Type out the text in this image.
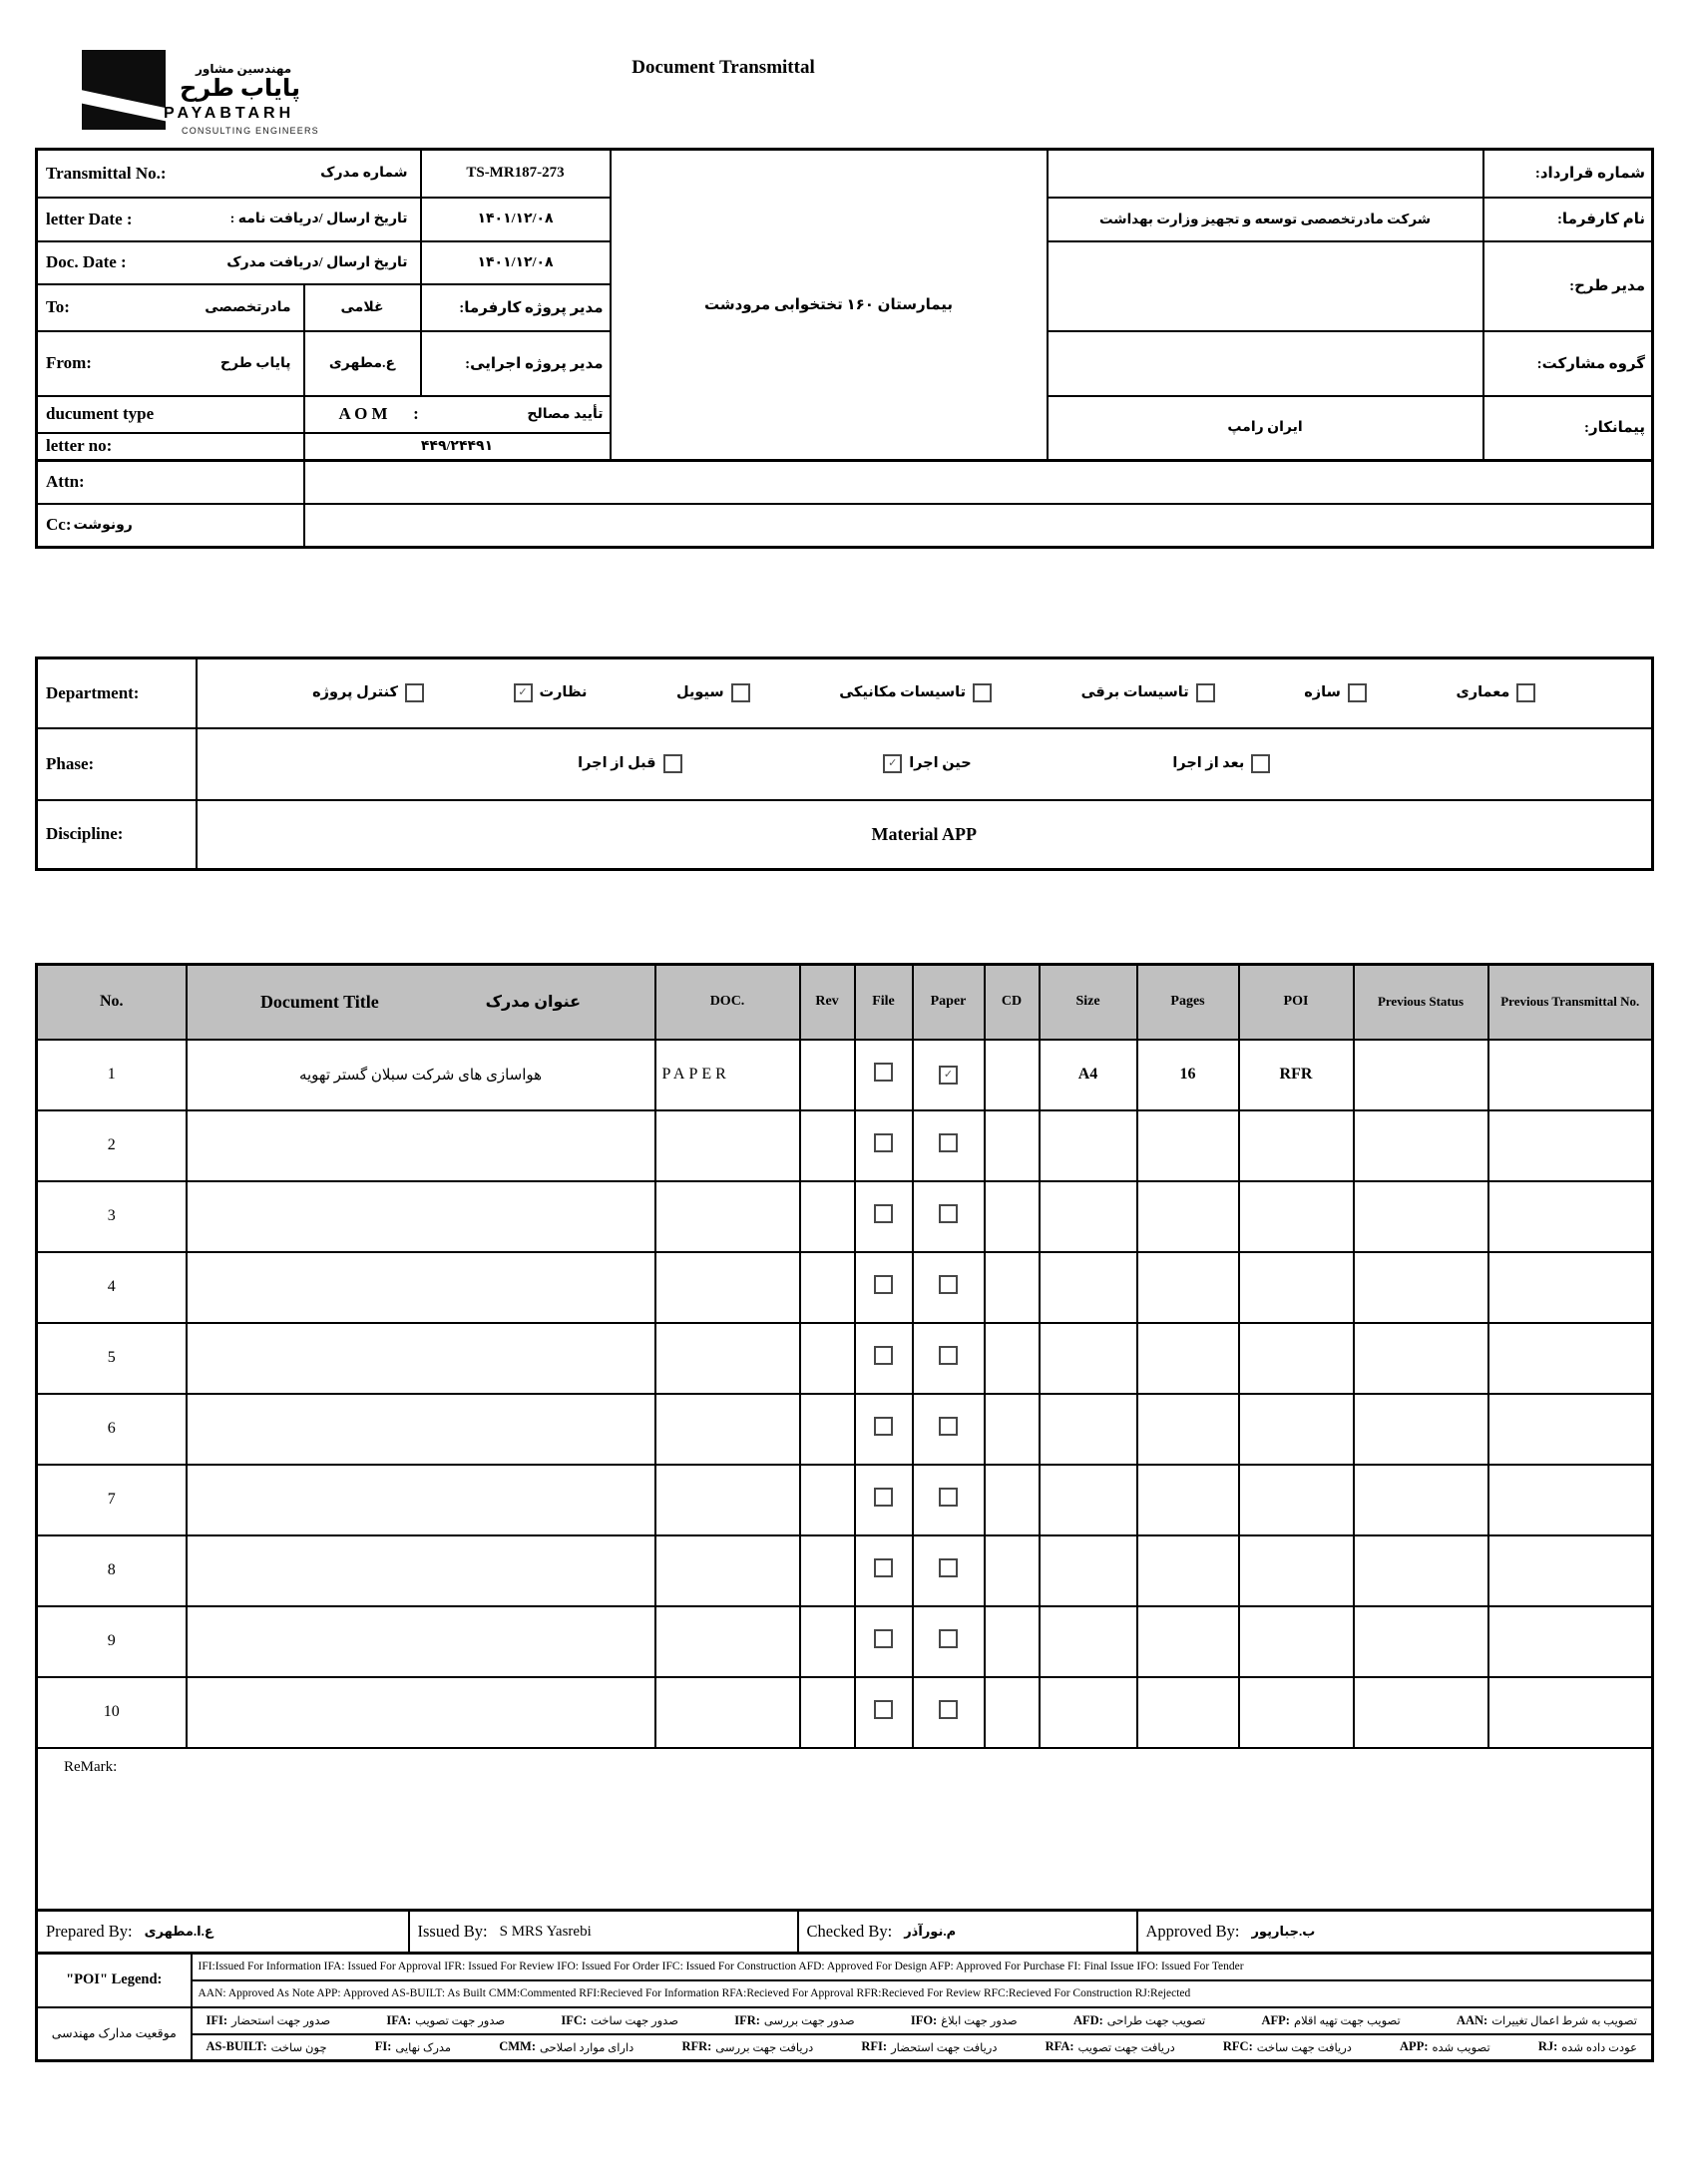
مهندسین مشاور
پایاب طرح
PAYABTARH
CONSULTING ENGINEERS
Document Transmittal
Transmittal No.: شماره مدرک		TS-MR187-273	بیمارستان ۱۶۰ تختخوابی مرودشت		شماره قرارداد:

letter Date : تاریخ ارسال /دریافت نامه :		۱۴۰۱/۱۲/۰۸		شرکت مادرتخصصی توسعه و تجهیز وزارت بهداشت	نام کارفرما:

Doc. Date : تاریخ ارسال /دریافت مدرک		۱۴۰۱/۱۲/۰۸			مدیر طرح:

To: مادرتخصصی	غلامی	مدیر پروژه کارفرما:			

From: پایاب طرح	ع.مطهری	مدیر پروژه اجرایی:			گروه مشارکت:

ducument type	A O M      : تأیید مصالح			ایران رامپ	پیمانکار:

letter no:	۴۴۹/۲۴۴۹۱				

Attn:					

Cc: رونوشت					

Department:	کنترل پروژه	✓ نظارت	سیویل	تاسیسات مکانیکی	تاسیسات برقی	سازه	معماری

Phase:	قبل از اجرا ✓ حین اجرا بعد از اجرا

Discipline:	Material APP
No.	Document Title عنوان مدرک	DOC.	Rev	File	Paper	CD	Size	Pages	POI	Previous Status	Previous Transmittal No.
1	هواسازی های شرکت سبلان گستر تهویه	PAPER			✓		A4	16	RFR		
2											
3											
4											
5											
6											
7											
8											
9											
10											
ReMark:											
Prepared By: ع.ا.مطهری	Issued By: S MRS Yasrebi	Checked By: م.نورآذر	Approved By: ب.جبارپور
"POI" Legend:	IFI:Issued For Information IFA: Issued For Approval IFR: Issued For Review IFO: Issued For Order IFC: Issued For Construction AFD: Approved For Design AFP: Approved For Purchase FI: Final Issue IFO: Issued For Tender
	AAN: Approved As Note APP: Approved AS-BUILT: As Built CMM:Commented RFI:Recieved For Information RFA:Recieved For Approval RFR:Recieved For Review RFC:Recieved For Construction RJ:Rejected
موقعیت مدارک مهندسی	
IFI: صدور جهت استحضار	IFA: صدور جهت تصویب	IFC: صدور جهت ساخت	IFR: صدور جهت بررسی	IFO: صدور جهت ابلاغ	AFD: تصویب جهت طراحی	AFP: تصویب جهت تهیه اقلام	AAN: تصویب به شرط اعمال تغییرات

AS-BUILT: چون ساخت	FI: مدرک نهایی	CMM: دارای موارد اصلاحی	RFR: دریافت جهت بررسی	RFI: دریافت جهت استحضار	RFA: دریافت جهت تصویب	RFC: دریافت جهت ساخت	APP: تصویب شده	RJ: عودت داده شده
